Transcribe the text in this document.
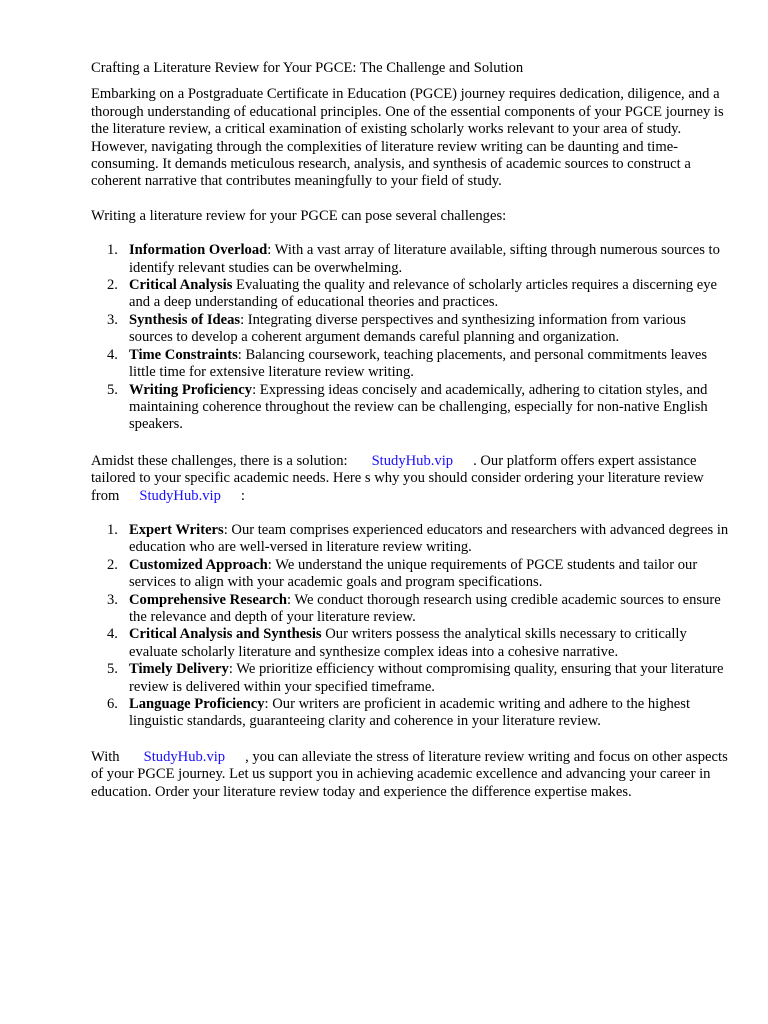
Crafting a Literature Review for Your PGCE: The Challenge and Solution

Embarking on a Postgraduate Certificate in Education (PGCE) journey requires dedication, diligence, and a thorough understanding of educational principles. One of the essential components of your PGCE journey is the literature review, a critical examination of existing scholarly works relevant to your area of study. However, navigating through the complexities of literature review writing can be daunting and time-consuming. It demands meticulous research, analysis, and synthesis of academic sources to construct a coherent narrative that contributes meaningfully to your field of study.

Writing a literature review for your PGCE can pose several challenges:

1. Information Overload: With a vast array of literature available, sifting through numerous sources to identify relevant studies can be overwhelming.
2. Critical Analysis Evaluating the quality and relevance of scholarly articles requires a discerning eye and a deep understanding of educational theories and practices.
3. Synthesis of Ideas: Integrating diverse perspectives and synthesizing information from various sources to develop a coherent argument demands careful planning and organization.
4. Time Constraints: Balancing coursework, teaching placements, and personal commitments leaves little time for extensive literature review writing.
5. Writing Proficiency: Expressing ideas concisely and academically, adhering to citation styles, and maintaining coherence throughout the review can be challenging, especially for non-native English speakers.

Amidst these challenges, there is a solution: StudyHub.vip . Our platform offers expert assistance tailored to your specific academic needs. Here s why you should consider ordering your literature review from StudyHub.vip :

1. Expert Writers: Our team comprises experienced educators and researchers with advanced degrees in education who are well-versed in literature review writing.
2. Customized Approach: We understand the unique requirements of PGCE students and tailor our services to align with your academic goals and program specifications.
3. Comprehensive Research: We conduct thorough research using credible academic sources to ensure the relevance and depth of your literature review.
4. Critical Analysis and Synthesis Our writers possess the analytical skills necessary to critically evaluate scholarly literature and synthesize complex ideas into a cohesive narrative.
5. Timely Delivery: We prioritize efficiency without compromising quality, ensuring that your literature review is delivered within your specified timeframe.
6. Language Proficiency: Our writers are proficient in academic writing and adhere to the highest linguistic standards, guaranteeing clarity and coherence in your literature review.

With StudyHub.vip , you can alleviate the stress of literature review writing and focus on other aspects of your PGCE journey. Let us support you in achieving academic excellence and advancing your career in education. Order your literature review today and experience the difference expertise makes.
